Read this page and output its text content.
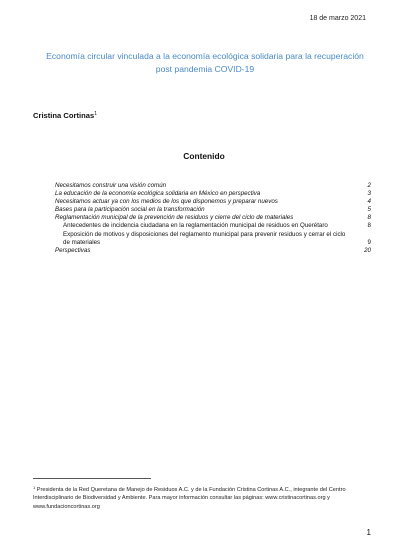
18 de marzo 2021
Economía circular vinculada a la economía ecológica solidaria para la recuperación post pandemia COVID-19
Cristina Cortinas$^1$
Contenido
Necesitamos construir una visión común	2
La educación de la economía ecológica solidaria en México en perspectiva	3
Necesitamos actuar ya con los medios de los que disponemos y preparar nuevos	4
Bases para la participación social en la transformación	5
Reglamentación municipal de la prevención de residuos y cierre del ciclo de materiales	8
Antecedentes de incidencia ciudadana en la reglamentación municipal de residuos en Querétaro	8
Exposición de motivos y disposiciones del reglamento municipal para prevenir residuos y cerrar el ciclo de materiales	9
Perspectivas	20
$^1$ Presidenta de la Red Queretana de Manejo de Residuos A.C. y de la Fundación Cristina Cortinas A.C., integrante del Centro Interdisciplinario de Biodiversidad y Ambiente. Para mayor información consultar las páginas: www.cristinacortinas.org y www.fundacioncortinas.org
1
